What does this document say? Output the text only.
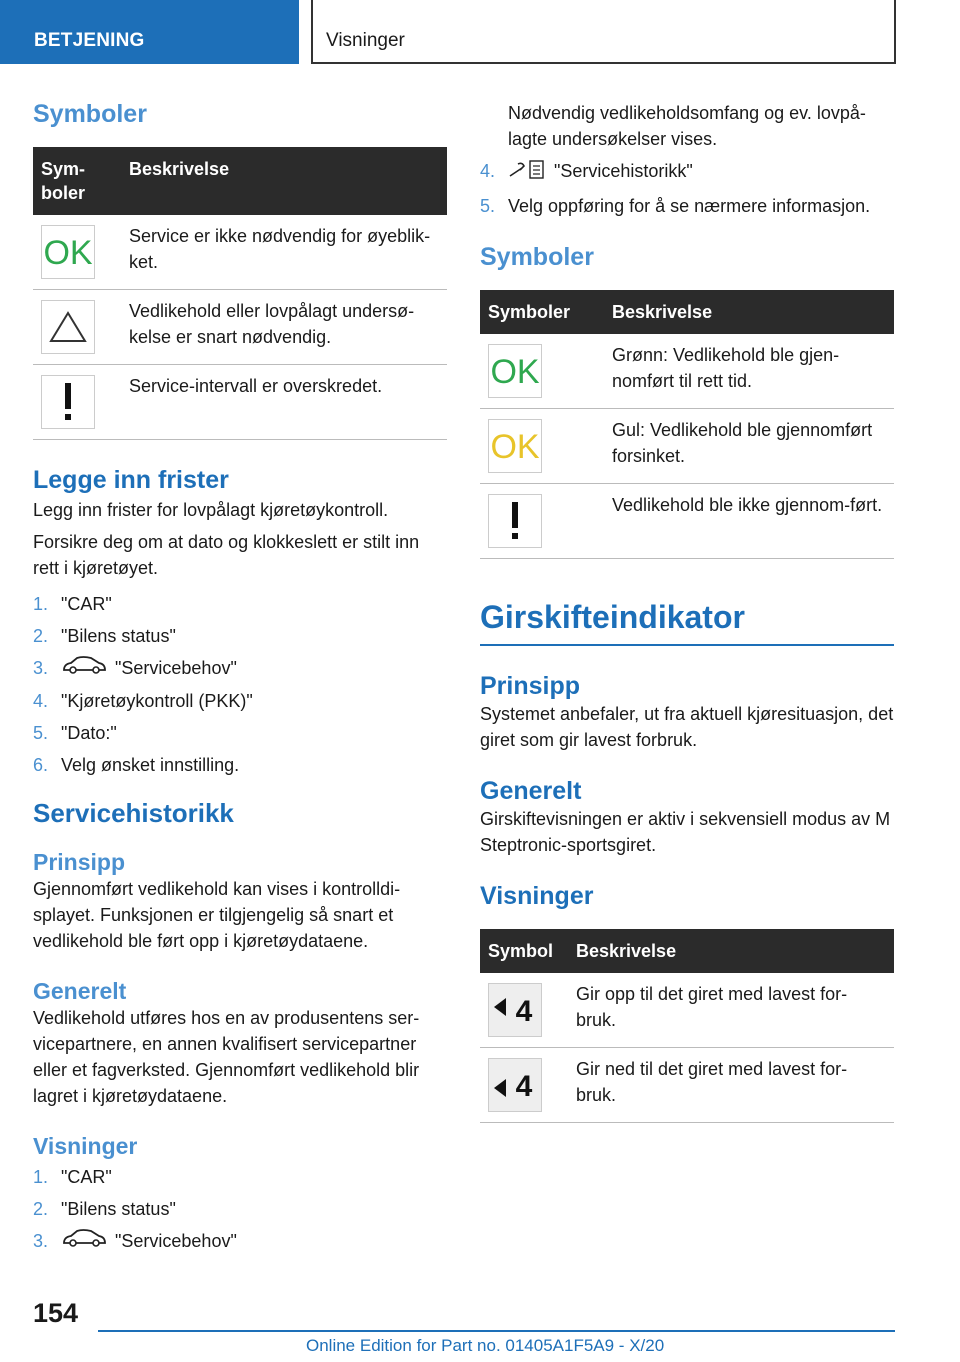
BETJENING	Visninger
Symboler
Sym-
boler	Beskrivelse

OK	Service er ikke nødvendig for øyeblik-ket.

	Vedlikehold eller lovpålagt undersø-kelse er snart nødvendig.

	Service-intervall er overskredet.
Legge inn frister

Legg inn frister for lovpålagt kjøretøykontroll.

Forsikre deg om at dato og klokkeslett er stilt inn rett i kjøretøyet.

1. "CAR"
2. "Bilens status"
3.	"Servicebehov"
4. "Kjøretøykontroll (PKK)"
5. "Dato:"
6. Velg ønsket innstilling.
Servicehistorikk
Prinsipp

Gjennomført vedlikehold kan vises i kontrolldi-splayet. Funksjonen er tilgjengelig så snart et vedlikehold ble ført opp i kjøretøydataene.

Generelt

Vedlikehold utføres hos en av produsentens ser-vicepartnere, en annen kvalifisert servicepartner eller et fagverksted. Gjennomført vedlikehold blir lagret i kjøretøydataene.

Visninger
1. "CAR"
2. "Bilens status"
3.	"Servicebehov"

Nødvendig vedlikeholdsomfang og ev. lovpå-lagte undersøkelser vises.

4.	"Servicehistorikk"
5. Velg oppføring for å se nærmere informasjon.
Symboler
Symboler	Beskrivelse

OK	Grønn: Vedlikehold ble gjen-nomført til rett tid.

OK	Gul: Vedlikehold ble gjennomført forsinket.

	Vedlikehold ble ikke gjennom-ført.
Girskifteindikator
Prinsipp

Systemet anbefaler, ut fra aktuell kjøresituasjon, det giret som gir lavest forbruk.

Generelt

Girskiftevisningen er aktiv i sekvensiell modus av M Steptronic-sportsgiret.

Visninger
Symbol	Beskrivelse

4	Gir opp til det giret med lavest for-bruk.

4	Gir ned til det giret med lavest for-bruk.
154
Online Edition for Part no. 01405A1F5A9 - X/20
